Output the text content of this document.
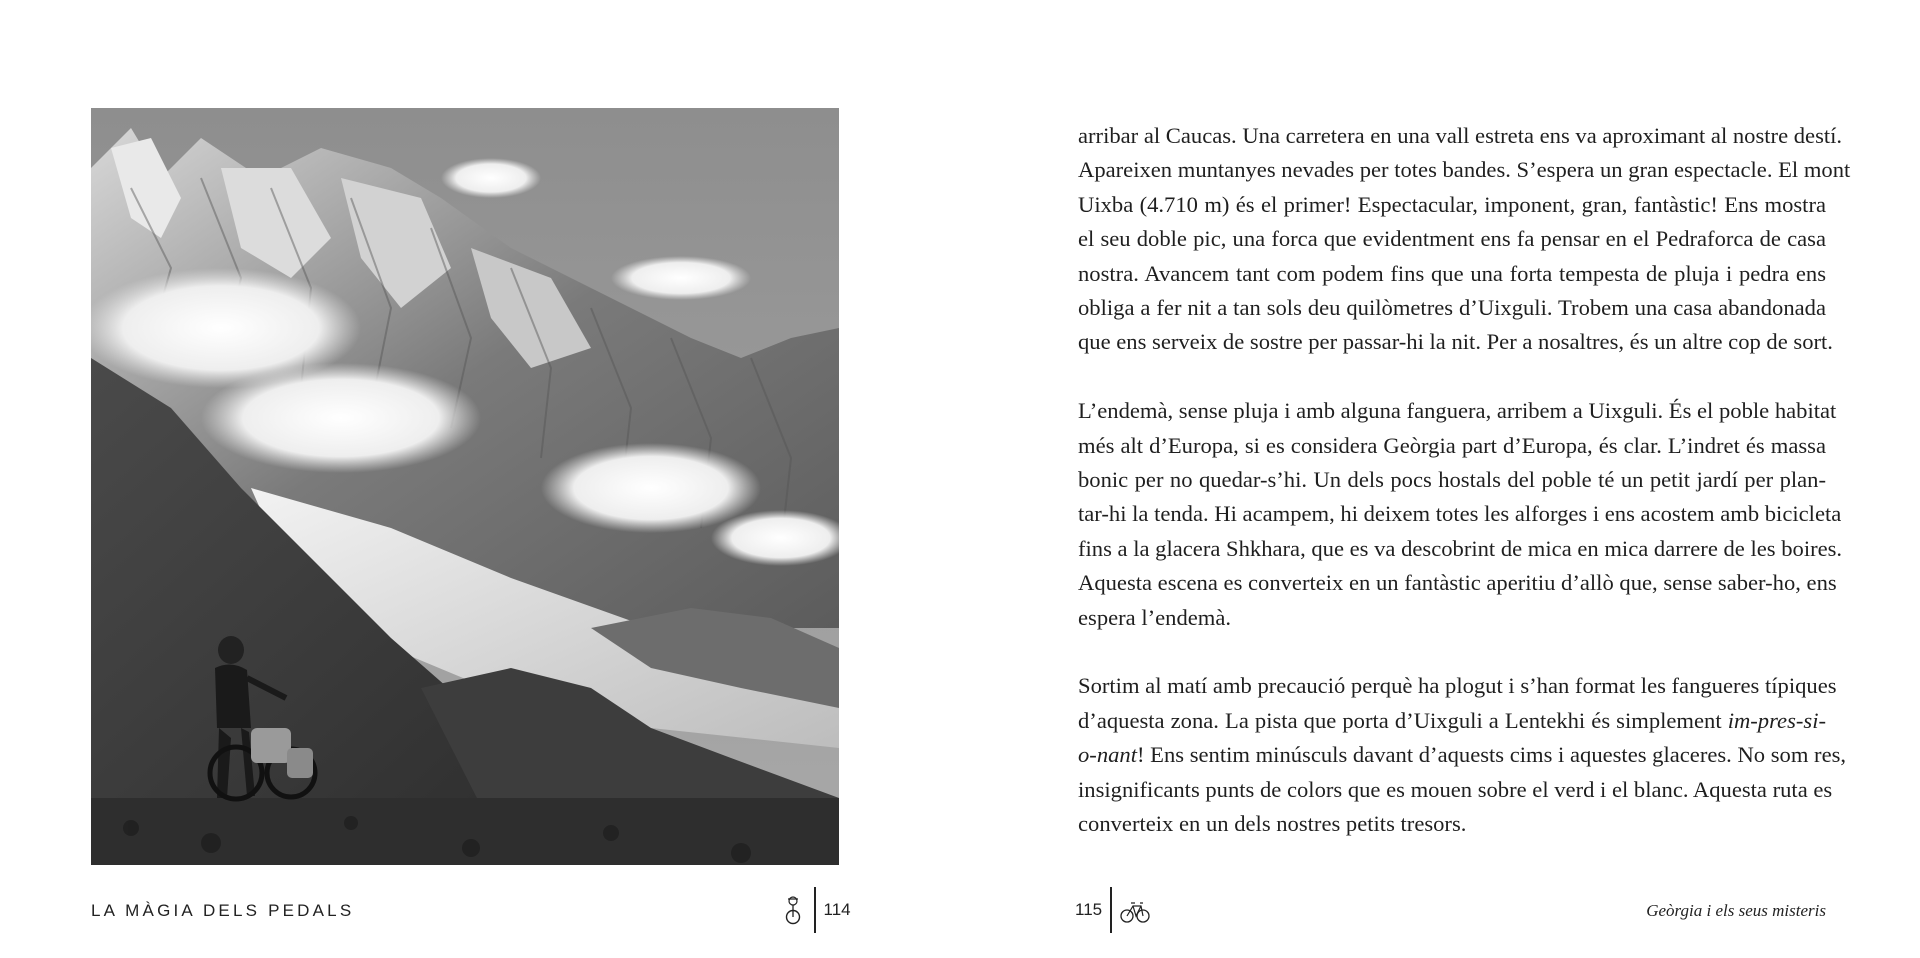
LA MÀGIA DELS PEDALS	114

arribar al Caucas. Una carretera en una vall estreta ens va aproximant al nostre destí.
Apareixen muntanyes nevades per totes bandes. S’espera un gran espectacle. El mont
Uixba (4.710 m) és el primer! Espectacular, imponent, gran, fantàstic! Ens mostra
el seu doble pic, una forca que evidentment ens fa pensar en el Pedraforca de casa
nostra. Avancem tant com podem fins que una forta tempesta de pluja i pedra ens
obliga a fer nit a tan sols deu quilòmetres d’Uixguli. Trobem una casa abandonada
que ens serveix de sostre per passar-hi la nit. Per a nosaltres, és un altre cop de sort.

L’endemà, sense pluja i amb alguna fanguera, arribem a Uixguli. És el poble habitat
més alt d’Europa, si es considera Geòrgia part d’Europa, és clar. L’indret és massa
bonic per no quedar-s’hi. Un dels pocs hostals del poble té un petit jardí per plan-
tar-hi la tenda. Hi acampem, hi deixem totes les alforges i ens acostem amb bicicleta
fins a la glacera Shkhara, que es va descobrint de mica en mica darrere de les boires.
Aquesta escena es converteix en un fantàstic aperitiu d’allò que, sense saber-ho, ens
espera l’endemà.

Sortim al matí amb precaució perquè ha plogut i s’han format les fangueres típiques
d’aquesta zona. La pista que porta d’Uixguli a Lentekhi és simplement im-pres-si-
o-nant! Ens sentim minúsculs davant d’aquests cims i aquestes glaceres. No som res,
insignificants punts de colors que es mouen sobre el verd i el blanc. Aquesta ruta es
converteix en un dels nostres petits tresors.

115	Geòrgia i els seus misteris
